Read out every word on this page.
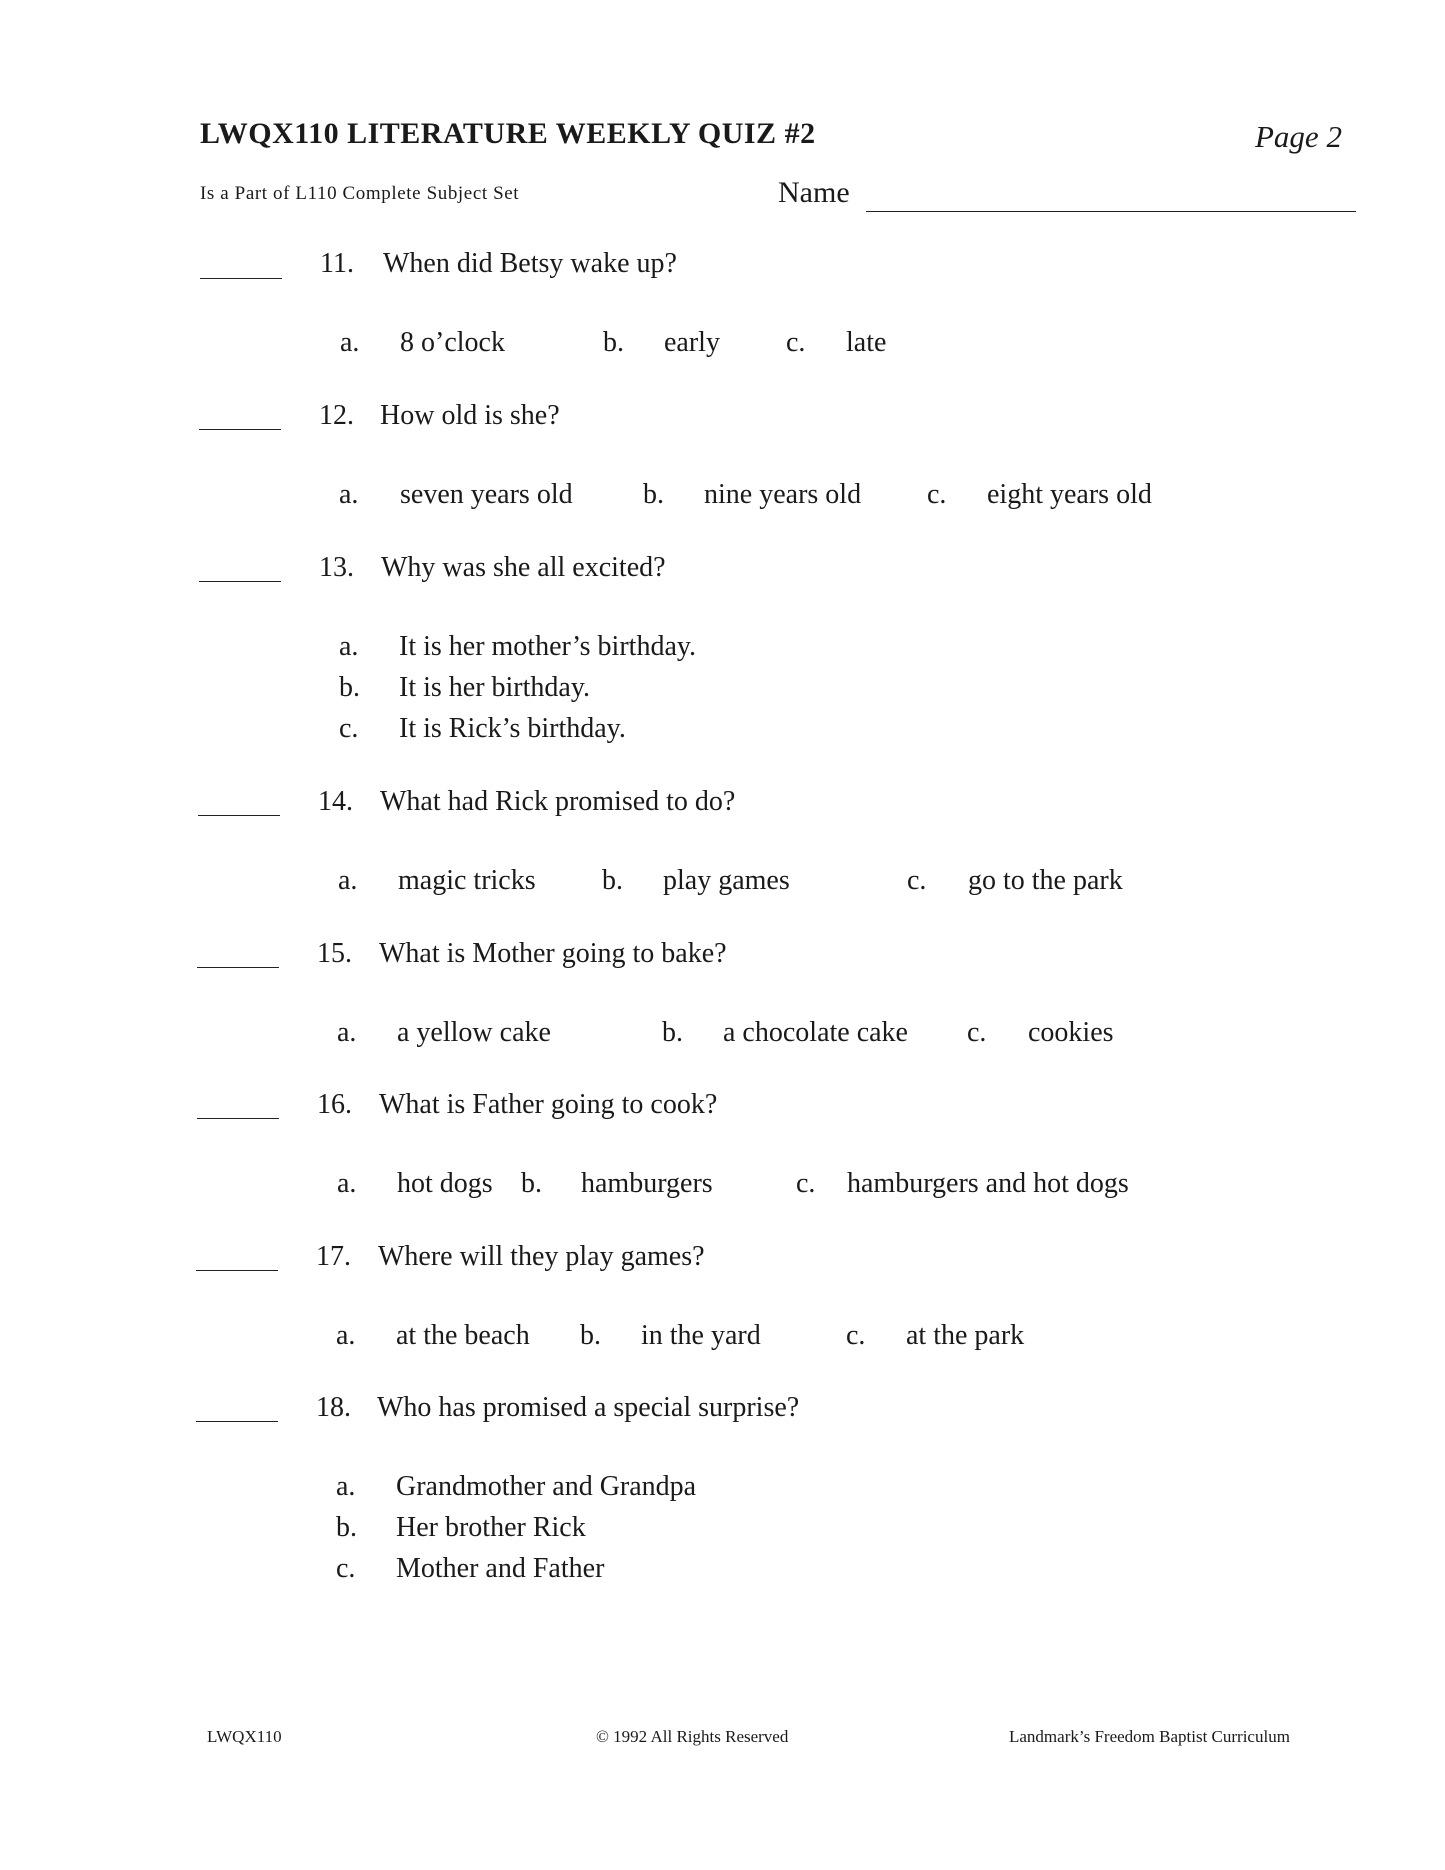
LWQX110 LITERATURE WEEKLY QUIZ #2	Page 2
Is a Part of L110 Complete Subject Set	Name
11. When did Betsy wake up?
a. 8 o’clock	b. early c. late
12. How old is she?
a. seven years old	b. nine years old c. eight years old
13. Why was she all excited?
a. It is her mother’s birthday.
b. It is her birthday.
c. It is Rick’s birthday.
14. What had Rick promised to do?
a. magic tricks b. play games	c. go to the park
15. What is Mother going to bake?
a. a yellow cake	b. a chocolate cake c. cookies
16. What is Father going to cook?
a. hot dogs b. hamburgers	c. hamburgers and hot dogs
17. Where will they play games?
a. at the beach b. in the yard	c. at the park
18. Who has promised a special surprise?
a. Grandmother and Grandpa
b. Her brother Rick
c. Mother and Father
LWQX110	© 1992 All Rights Reserved	Landmark’s Freedom Baptist Curriculum
